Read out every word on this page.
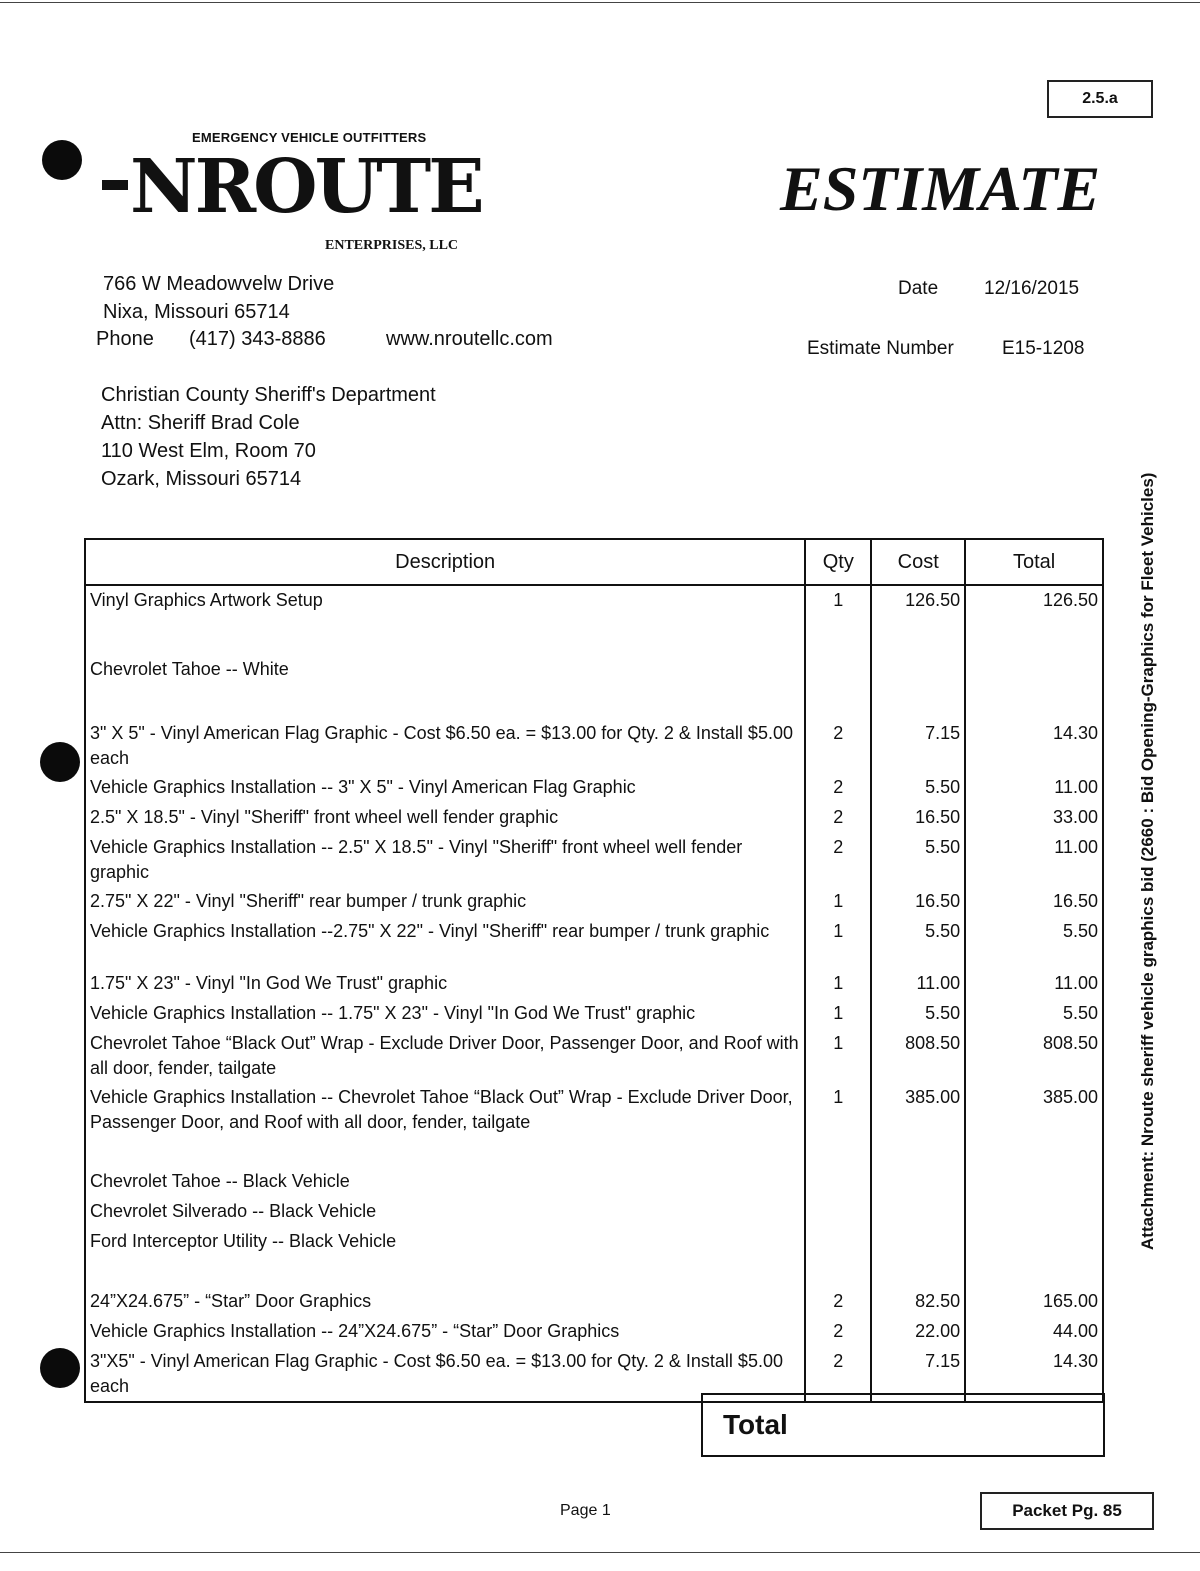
2.5.a
EMERGENCY VEHICLE OUTFITTERS
NROUTE
ENTERPRISES, LLC
ESTIMATE
766 W Meadowvelw Drive
Nixa, Missouri 65714
Phone (417) 343-8886	www.nroutellc.com
Date 12/16/2015
Estimate Number	E15-1208
Christian County Sheriff's Department
Attn: Sheriff Brad Cole
110 West Elm, Room 70
Ozark, Missouri 65714
Description	Qty	Cost	Total
Vinyl Graphics Artwork Setup	1	126.50	126.50

Chevrolet Tahoe -- White			

3" X 5" - Vinyl American Flag Graphic - Cost $6.50 ea. = $13.00 for Qty. 2 & Install $5.00 each	2	7.15	14.30
Vehicle Graphics Installation -- 3" X 5" - Vinyl American Flag Graphic	2	5.50	11.00
2.5" X 18.5" - Vinyl "Sheriff" front wheel well fender graphic	2	16.50	33.00
Vehicle Graphics Installation -- 2.5" X 18.5" - Vinyl "Sheriff" front wheel well fender graphic	2	5.50	11.00
2.75" X 22" - Vinyl "Sheriff" rear bumper / trunk graphic	1	16.50	16.50
Vehicle Graphics Installation --2.75" X 22" - Vinyl "Sheriff" rear bumper / trunk graphic	1	5.50	5.50
1.75" X 23" - Vinyl "In God We Trust" graphic	1	11.00	11.00
Vehicle Graphics Installation -- 1.75" X 23" - Vinyl "In God We Trust" graphic	1	5.50	5.50
Chevrolet Tahoe “Black Out” Wrap - Exclude Driver Door, Passenger Door, and Roof with all door, fender, tailgate	1	808.50	808.50
Vehicle Graphics Installation -- Chevrolet Tahoe “Black Out” Wrap - Exclude Driver Door, Passenger Door, and Roof with all door, fender, tailgate	1	385.00	385.00

Chevrolet Tahoe -- Black Vehicle			
Chevrolet Silverado -- Black Vehicle			
Ford Interceptor Utility -- Black Vehicle			

24”X24.675” - “Star” Door Graphics	2	82.50	165.00
Vehicle Graphics Installation -- 24”X24.675” - “Star” Door Graphics	2	22.00	44.00
3"X5" - Vinyl American Flag Graphic - Cost $6.50 ea. = $13.00 for Qty. 2 & Install $5.00 each	2	7.15	14.30
Total
Attachment: Nroute sheriff vehicle graphics bid (2660 : Bid Opening-Graphics for Fleet Vehicles)
Page 1	Packet Pg. 85
